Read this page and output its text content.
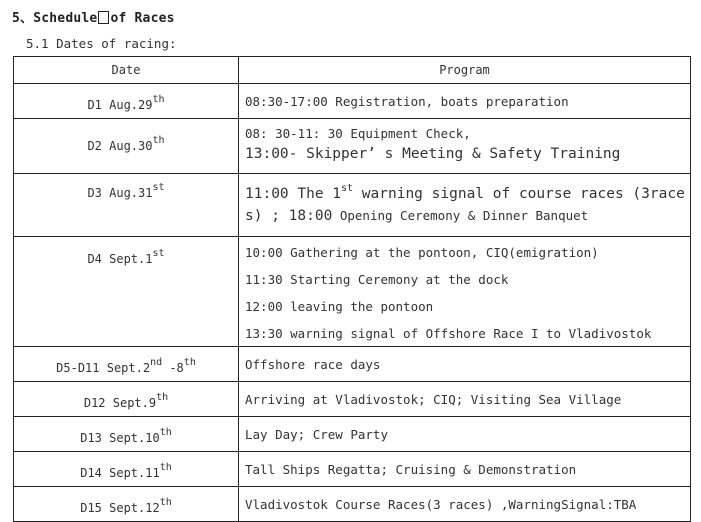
5、Schedule of Races
5.1 Dates of racing:
Date	Program
D1 Aug.29th	08:30-17:00 Registration, boats preparation

D2 Aug.30th	08: 30-11: 30 Equipment Check,
13:00- Skipper’ s Meeting & Safety Training

D3 Aug.31st	11:00 The 1st warning signal of course races (3race
s) ; 18:00 Opening Ceremony & Dinner Banquet

D4 Sept.1st	10:00 Gathering at the pontoon, CIQ(emigration)
11:30 Starting Ceremony at the dock
12:00 leaving the pontoon
13:30 warning signal of Offshore Race I to Vladivostok

D5-D11 Sept.2nd -8th	Offshore race days

D12 Sept.9th	Arriving at Vladivostok; CIQ; Visiting Sea Village

D13 Sept.10th	Lay Day; Crew Party

D14 Sept.11th	Tall Ships Regatta; Cruising & Demonstration

D15 Sept.12th	Vladivostok Course Races(3 races) ,WarningSignal:TBA
